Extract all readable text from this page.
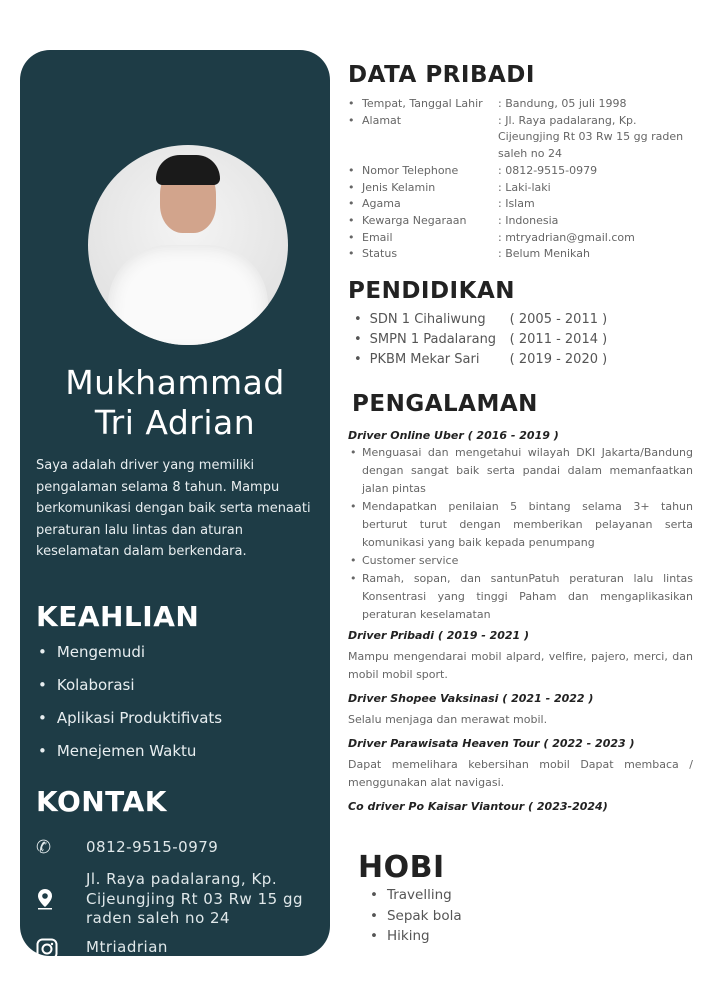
Mukhammad
Tri Adrian
Saya adalah driver yang memiliki pengalaman selama 8 tahun. Mampu berkomunikasi dengan baik serta menaati peraturan lalu lintas dan aturan keselamatan dalam berkendara.
KEAHLIAN
• Mengemudi
• Kolaborasi
• Aplikasi Produktifivats
• Menejemen Waktu
KONTAK
✆	0812-9515-0979
Jl. Raya padalarang, Kp. Cijeungjing Rt 03 Rw 15 gg raden saleh no 24
Mtriadrian
DATA PRIBADI
• Tempat, Tanggal Lahir	: Bandung, 05 juli 1998
• Alamat	: Jl. Raya padalarang, Kp. Cijeungjing Rt 03 Rw 15 gg raden saleh no 24
• Nomor Telephone	: 0812-9515-0979
• Jenis Kelamin	: Laki-laki
• Agama	: Islam
• Kewarga Negaraan	: Indonesia
• Email	: mtryadrian@gmail.com
• Status	: Belum Menikah
PENDIDIKAN
• SDN 1 Cihaliwung ( 2005 - 2011 )
• SMPN 1 Padalarang ( 2011 - 2014 )
• PKBM Mekar Sari ( 2019 - 2020 )
PENGALAMAN
Driver Online Uber ( 2016 - 2019 )
• Menguasai dan mengetahui wilayah DKI Jakarta/Bandung dengan sangat baik serta pandai dalam memanfaatkan jalan pintas
• Mendapatkan penilaian 5 bintang selama 3+ tahun berturut turut dengan memberikan pelayanan serta komunikasi yang baik kepada penumpang
• Customer service
• Ramah, sopan, dan santunPatuh peraturan lalu lintas Konsentrasi yang tinggi Paham dan mengaplikasikan peraturan keselamatan
Driver Pribadi ( 2019 - 2021 )
Mampu mengendarai mobil alpard, velfire, pajero, merci, dan mobil mobil sport.
Driver Shopee Vaksinasi ( 2021 - 2022 )
Selalu menjaga dan merawat mobil.
Driver Parawisata Heaven Tour ( 2022 - 2023 )
Dapat memelihara kebersihan mobil Dapat membaca / menggunakan alat navigasi.
Co driver Po Kaisar Viantour ( 2023-2024)
HOBI
• Travelling
• Sepak bola
• Hiking
